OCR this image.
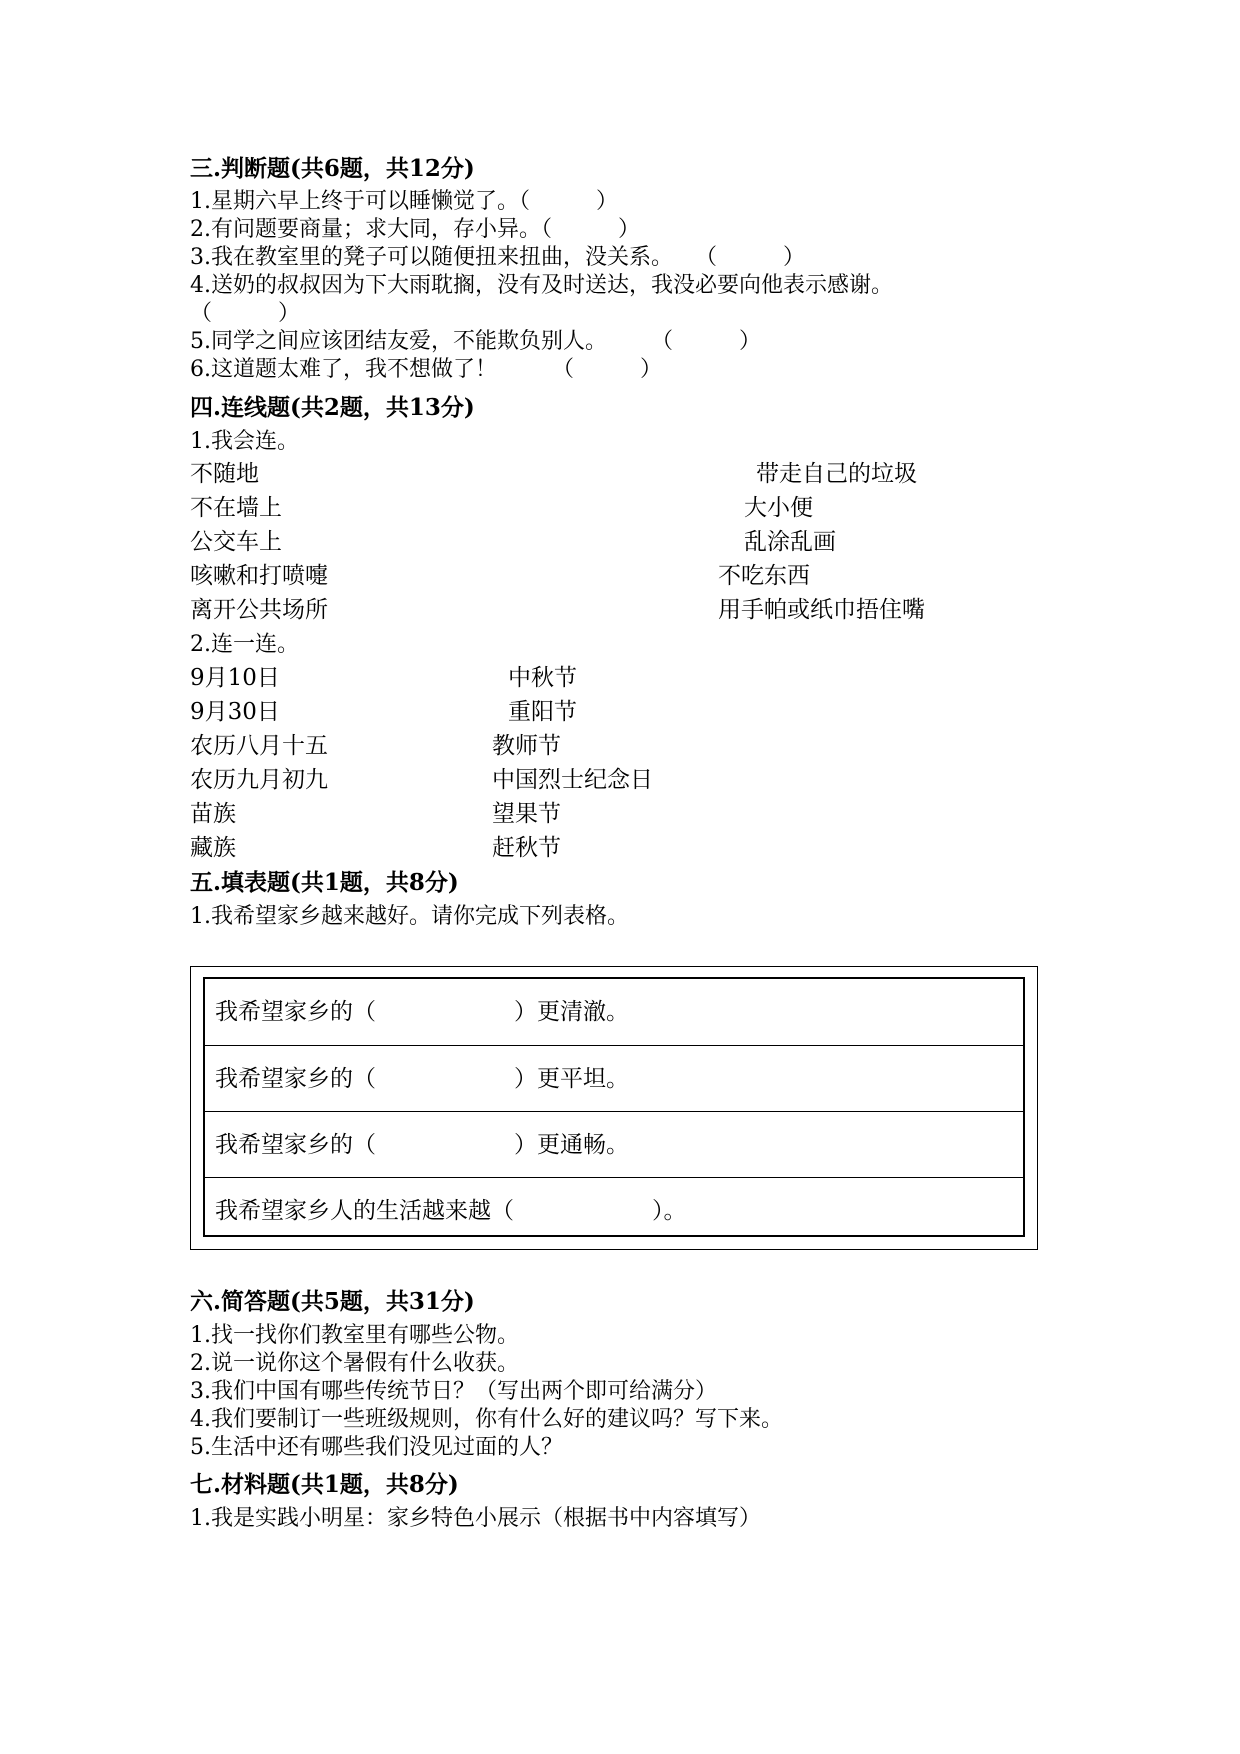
三.判断题(共6题，共12分)
1.星期六早上终于可以睡懒觉了。（　　　）
2.有问题要商量；求大同，存小异。（　　　）
3.我在教室里的凳子可以随便扭来扭曲，没关系。　　（　　　）
4.送奶的叔叔因为下大雨耽搁，没有及时送达，我没必要向他表示感谢。
（　　　）
5.同学之间应该团结友爱，不能欺负别人。　　　（　　　）
6.这道题太难了，我不想做了！　　　（　　　）
四.连线题(共2题，共13分)
1.我会连。
不随地
不在墙上
公交车上
咳嗽和打喷嚏
离开公共场所
带走自己的垃圾
大小便
乱涂乱画
不吃东西
用手帕或纸巾捂住嘴
2.连一连。
9月10日
9月30日
农历八月十五
农历九月初九
苗族
藏族
中秋节
重阳节
教师节
中国烈士纪念日
望果节
赶秋节
五.填表题(共1题，共8分)
1.我希望家乡越来越好。请你完成下列表格。
我希望家乡的（　　　　　　）更清澈。
我希望家乡的（　　　　　　）更平坦。
我希望家乡的（　　　　　　）更通畅。
我希望家乡人的生活越来越（　　　　　　）。
六.简答题(共5题，共31分)
1.找一找你们教室里有哪些公物。
2.说一说你这个暑假有什么收获。
3.我们中国有哪些传统节日？（写出两个即可给满分）
4.我们要制订一些班级规则，你有什么好的建议吗？写下来。
5.生活中还有哪些我们没见过面的人？
七.材料题(共1题，共8分)
1.我是实践小明星：家乡特色小展示（根据书中内容填写）
